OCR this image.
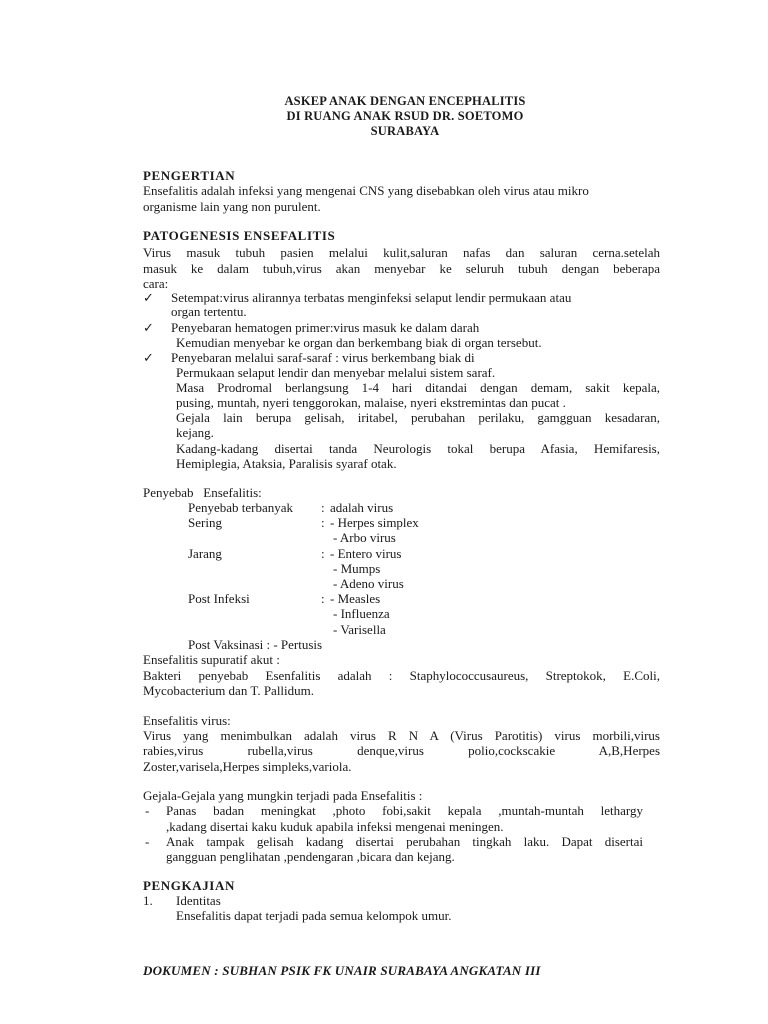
ASKEP ANAK DENGAN ENCEPHALITIS
DI RUANG ANAK RSUD DR. SOETOMO
SURABAYA
PENGERTIAN
Ensefalitis adalah infeksi yang mengenai CNS yang disebabkan oleh virus atau mikro
organisme lain yang non purulent.
PATOGENESIS ENSEFALITIS
Virus masuk tubuh pasien melalui kulit,saluran nafas dan saluran cerna.setelah
masuk ke dalam tubuh,virus akan menyebar ke seluruh tubuh dengan beberapa
cara:
✓ Setempat:virus alirannya terbatas menginfeksi selaput lendir permukaan atau
organ tertentu.
✓ Penyebaran hematogen primer:virus masuk ke dalam darah
Kemudian menyebar ke organ dan berkembang biak di organ tersebut.
✓ Penyebaran melalui saraf-saraf : virus berkembang biak di
Permukaan selaput lendir dan menyebar melalui sistem saraf.
Masa Prodromal berlangsung 1-4 hari ditandai dengan demam, sakit kepala,
pusing, muntah, nyeri tenggorokan, malaise, nyeri ekstremintas dan pucat .
Gejala lain berupa gelisah, iritabel, perubahan perilaku, gamgguan kesadaran,
kejang.
Kadang-kadang disertai tanda Neurologis tokal berupa Afasia, Hemifaresis,
Hemiplegia, Ataksia, Paralisis syaraf otak.
Penyebab   Ensefalitis:
Penyebab terbanyak : adalah virus
Sering	: - Herpes simplex
- Arbo virus
Jarang	: - Entero virus
- Mumps
- Adeno virus
Post Infeksi	: - Measles
- Influenza
- Varisella
Post Vaksinasi : - Pertusis
Ensefalitis supuratif akut :
Bakteri penyebab Esenfalitis adalah : Staphylococcusaureus, Streptokok, E.Coli,
Mycobacterium dan T. Pallidum.
Ensefalitis virus:
Virus yang menimbulkan adalah virus R N A (Virus Parotitis) virus morbili,virus
rabies,virus rubella,virus denque,virus polio,cockscakie A,B,Herpes
Zoster,varisela,Herpes simpleks,variola.
Gejala-Gejala yang mungkin terjadi pada Ensefalitis :
- Panas badan meningkat ,photo fobi,sakit kepala ,muntah-muntah lethargy
,kadang disertai kaku kuduk apabila infeksi mengenai meningen.
- Anak tampak gelisah kadang disertai perubahan tingkah laku. Dapat disertai
gangguan penglihatan ,pendengaran ,bicara dan kejang.
PENGKAJIAN
1. Identitas
Ensefalitis dapat terjadi pada semua kelompok umur.
DOKUMEN : SUBHAN PSIK FK UNAIR SURABAYA ANGKATAN III
